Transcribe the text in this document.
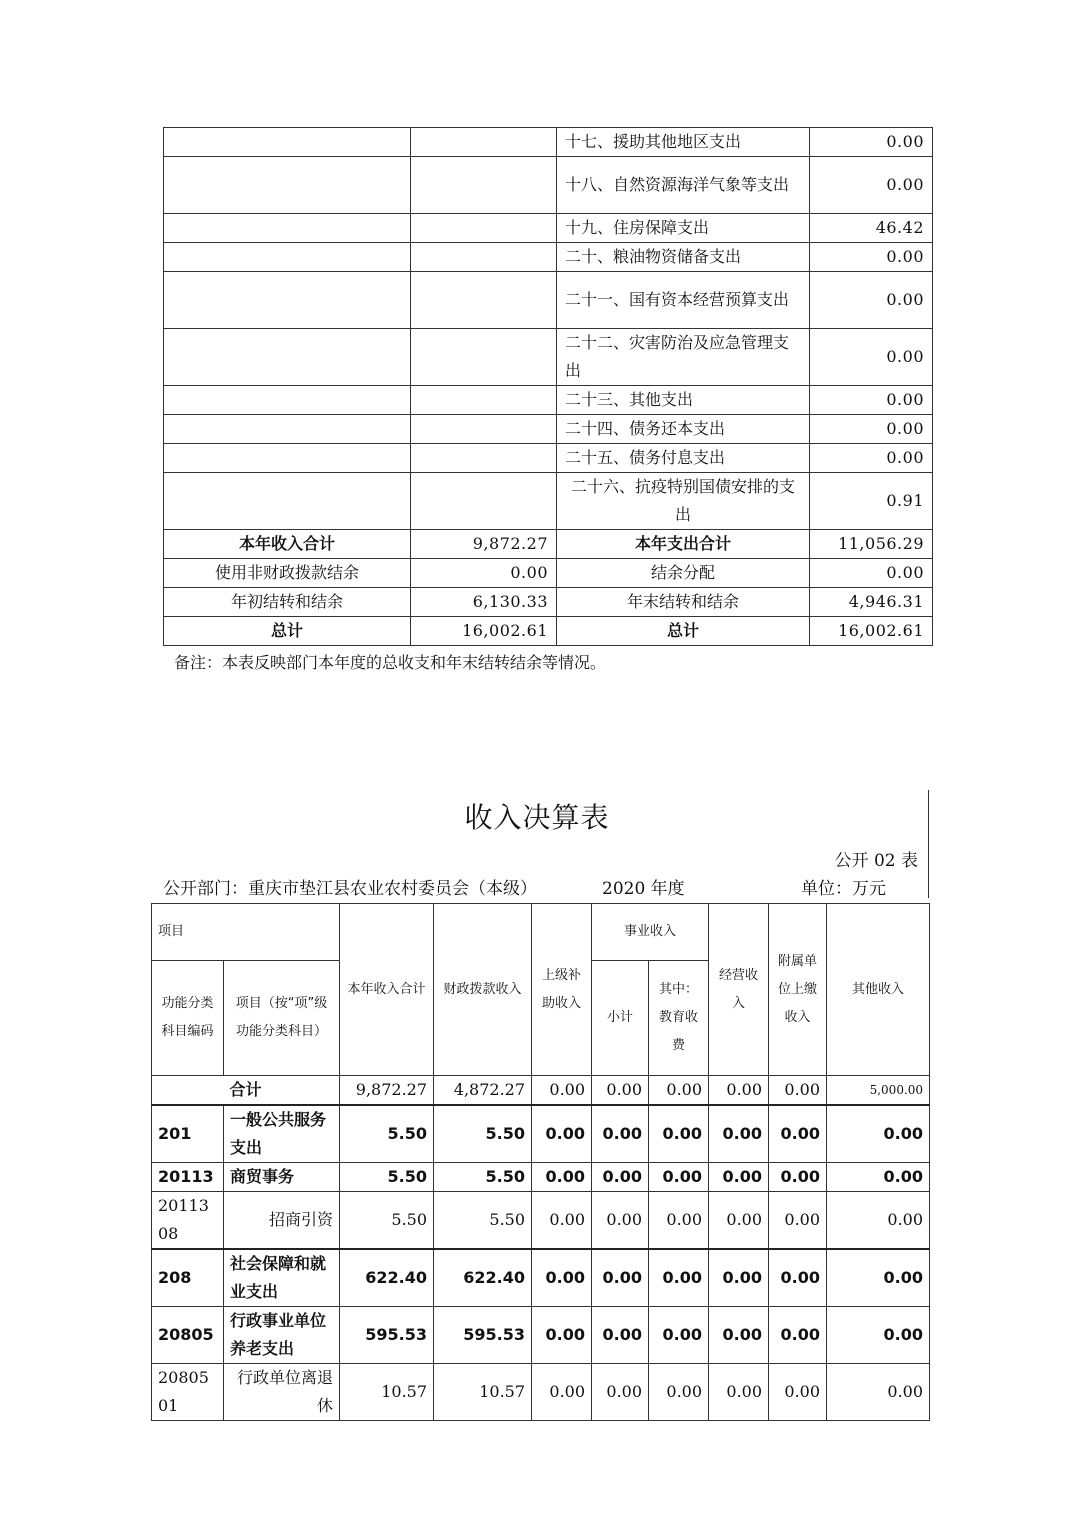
		十七、援助其他地区支出	0.00
		十八、自然资源海洋气象等支出	0.00
		十九、住房保障支出	46.42
		二十、粮油物资储备支出	0.00
		二十一、国有资本经营预算支出	0.00
		二十二、灾害防治及应急管理支出	0.00
		二十三、其他支出	0.00
		二十四、债务还本支出	0.00
		二十五、债务付息支出	0.00
		二十六、抗疫特别国债安排的支出	0.91
本年收入合计	9,872.27	本年支出合计	11,056.29
使用非财政拨款结余	0.00	结余分配	0.00
年初结转和结余	6,130.33	年末结转和结余	4,946.31
总计	16,002.61	总计	16,002.61
备注：本表反映部门本年度的总收支和年末结转结余等情况。
收入决算表
公开 02 表
公开部门：重庆市垫江县农业农村委员会（本级）	2020 年度	单位：万元
项目		本年收入合计	财政拨款收入	上级补助收入	事业收入		经营收入	附属单位上缴收入	其他收入
功能分类科目编码	项目（按“项”级功能分类科目）				小计	其中：教育收费			
合计		9,872.27	4,872.27	0.00	0.00	0.00	0.00	0.00	5,000.00
201	一般公共服务支出	5.50	5.50	0.00	0.00	0.00	0.00	0.00	0.00
20113	商贸事务	5.50	5.50	0.00	0.00	0.00	0.00	0.00	0.00
2011308	招商引资	5.50	5.50	0.00	0.00	0.00	0.00	0.00	0.00
208	社会保障和就业支出	622.40	622.40	0.00	0.00	0.00	0.00	0.00	0.00
20805	行政事业单位养老支出	595.53	595.53	0.00	0.00	0.00	0.00	0.00	0.00
2080501	行政单位离退休	10.57	10.57	0.00	0.00	0.00	0.00	0.00	0.00
